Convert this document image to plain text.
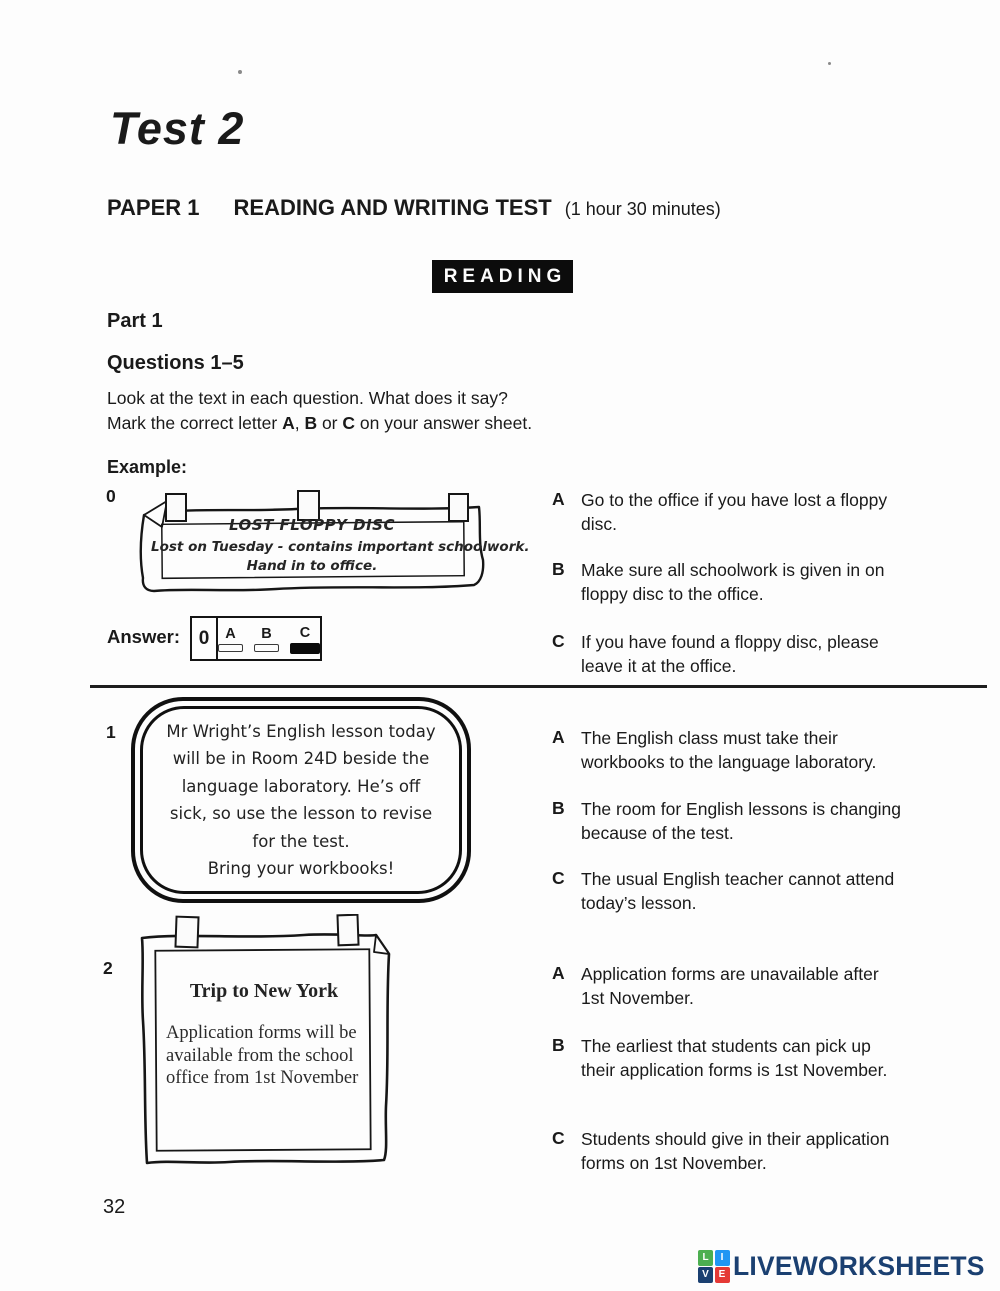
Test 2
PAPER 1 READING AND WRITING TEST (1 hour 30 minutes)
READING
Part 1
Questions 1–5
Look at the text in each question. What does it say?
Mark the correct letter A, B or C on your answer sheet.
Example:
0
LOST FLOPPY DISC
Lost on Tuesday - contains important schoolwork.
Hand in to office.
A Go to the office if you have lost a floppy disc.
B Make sure all schoolwork is given in on floppy disc to the office.
C If you have found a floppy disc, please leave it at the office.
Answer: 0	A B C
1	Mr Wright’s English lesson today
will be in Room 24D beside the
language laboratory. He’s off
sick, so use the lesson to revise
for the test.
Bring your workbooks!
A The English class must take their workbooks to the language laboratory.
B The room for English lessons is changing because of the test.
C The usual English teacher cannot attend today’s lesson.
2
Trip to New York
Application forms will be available from the school office from 1st November
A Application forms are unavailable after 1st November.
B The earliest that students can pick up their application forms is 1st November.
C Students should give in their application forms on 1st November.
32
L	I
V E LIVEWORKSHEETS
